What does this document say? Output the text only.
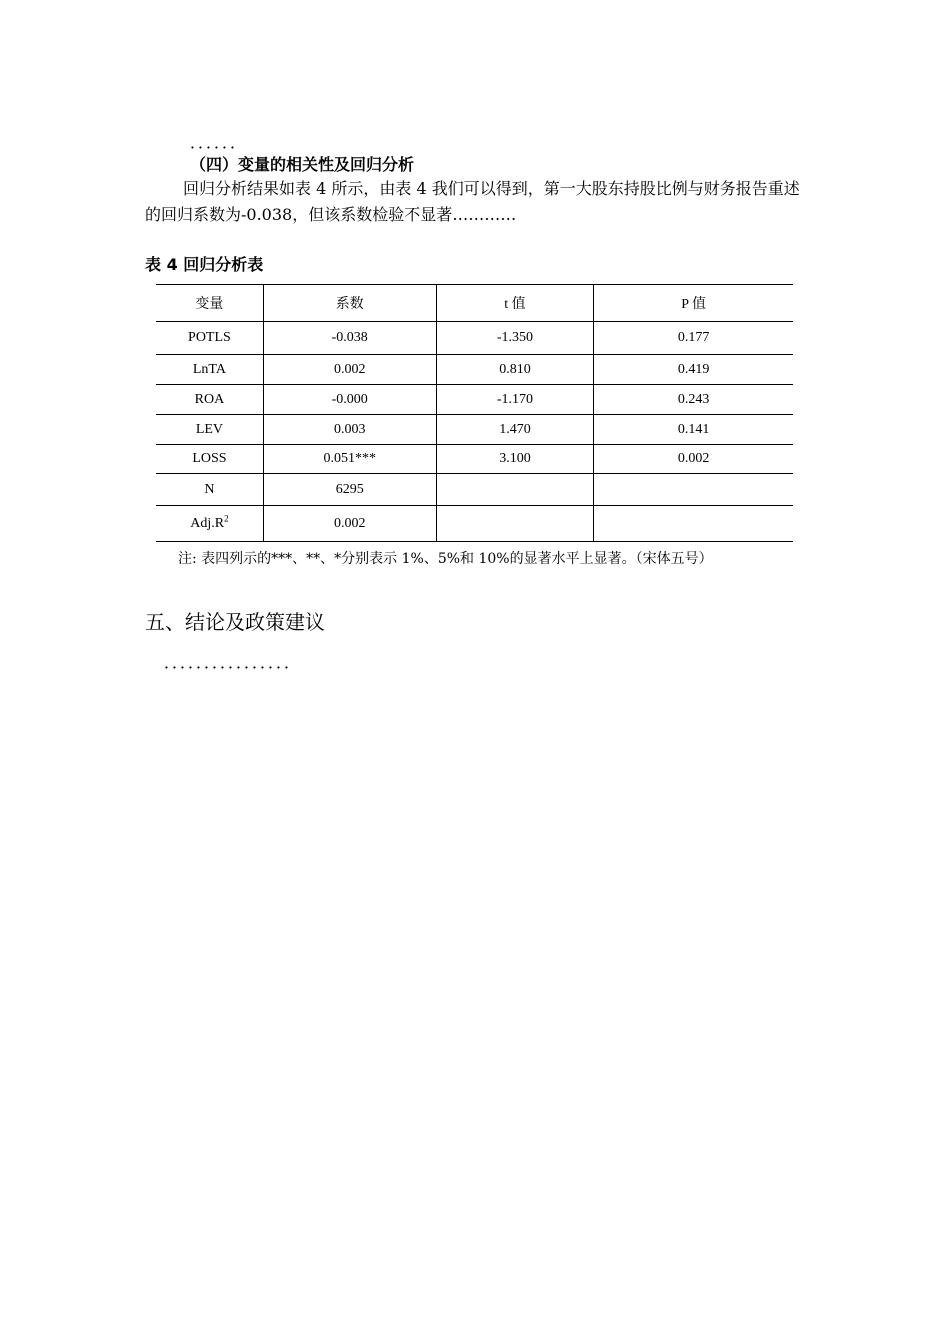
．．．．．．
（四）变量的相关性及回归分析

回归分析结果如表 4 所示，由表 4 我们可以得到，第一大股东持股比例与财务报告重述的回归系数为-0.038，但该系数检验不显著…………

表 4 回归分析表
变量	系数	t 值	P 值
POTLS	-0.038	-1.350	0.177
LnTA	0.002	0.810	0.419
ROA	-0.000	-1.170	0.243
LEV	0.003	1.470	0.141
LOSS	0.051***	3.100	0.002
N	6295		
$Adj.R^2$	0.002		
注: 表四列示的***、**、*分别表示 1%、5%和 10%的显著水平上显著。（宋体五号）
五、结论及政策建议
．．．．．．．．．．．．．．．．
